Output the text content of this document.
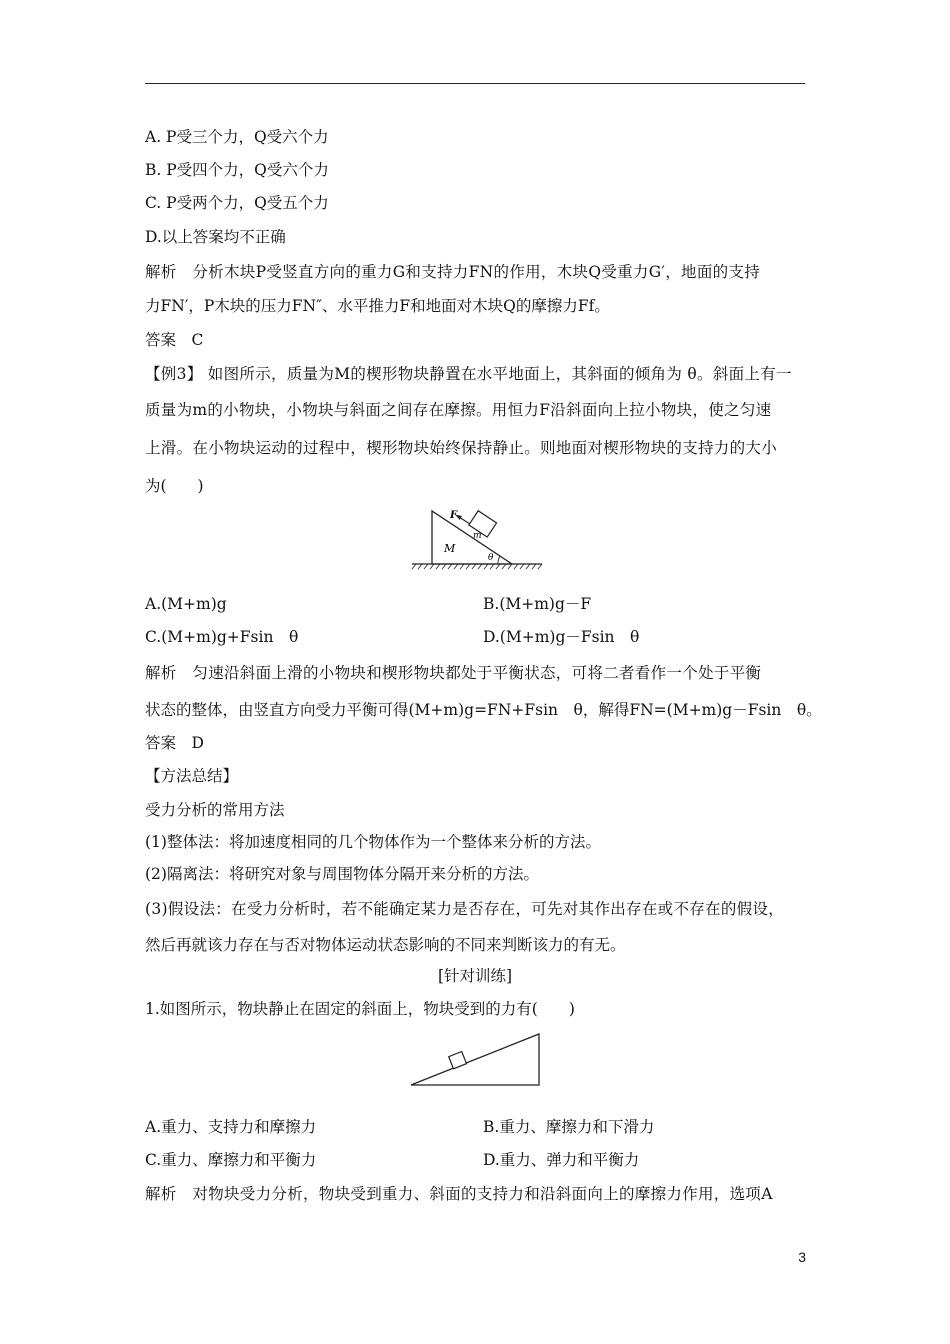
A. P受三个力，Q受六个力
B. P受四个力，Q受六个力
C. P受两个力，Q受五个力
D.以上答案均不正确
解析　分析木块P受竖直方向的重力G和支持力FN的作用，木块Q受重力G′，地面的支持
力FN′，P木块的压力FN″、水平推力F和地面对木块Q的摩擦力Ff。
答案　C
【例3】 如图所示，质量为M的楔形物块静置在水平地面上，其斜面的倾角为 θ。斜面上有一
质量为m的小物块，小物块与斜面之间存在摩擦。用恒力F沿斜面向上拉小物块，使之匀速
上滑。在小物块运动的过程中，楔形物块始终保持静止。则地面对楔形物块的支持力的大小
为(　　)
F
m
M
θ
A.(M+m)g	B.(M+m)g－F
C.(M+m)g+Fsin　θ	D.(M+m)g－Fsin　θ
解析　匀速沿斜面上滑的小物块和楔形物块都处于平衡状态，可将二者看作一个处于平衡
状态的整体，由竖直方向受力平衡可得(M+m)g=FN+Fsin　θ，解得FN=(M+m)g－Fsin　θ。
答案　D
【方法总结】
受力分析的常用方法
(1)整体法：将加速度相同的几个物体作为一个整体来分析的方法。
(2)隔离法：将研究对象与周围物体分隔开来分析的方法。
(3)假设法：在受力分析时，若不能确定某力是否存在，可先对其作出存在或不存在的假设，
然后再就该力存在与否对物体运动状态影响的不同来判断该力的有无。
[针对训练]
1.如图所示，物块静止在固定的斜面上，物块受到的力有(　　)
A.重力、支持力和摩擦力	B.重力、摩擦力和下滑力
C.重力、摩擦力和平衡力	D.重力、弹力和平衡力
解析　对物块受力分析，物块受到重力、斜面的支持力和沿斜面向上的摩擦力作用，选项A
3
